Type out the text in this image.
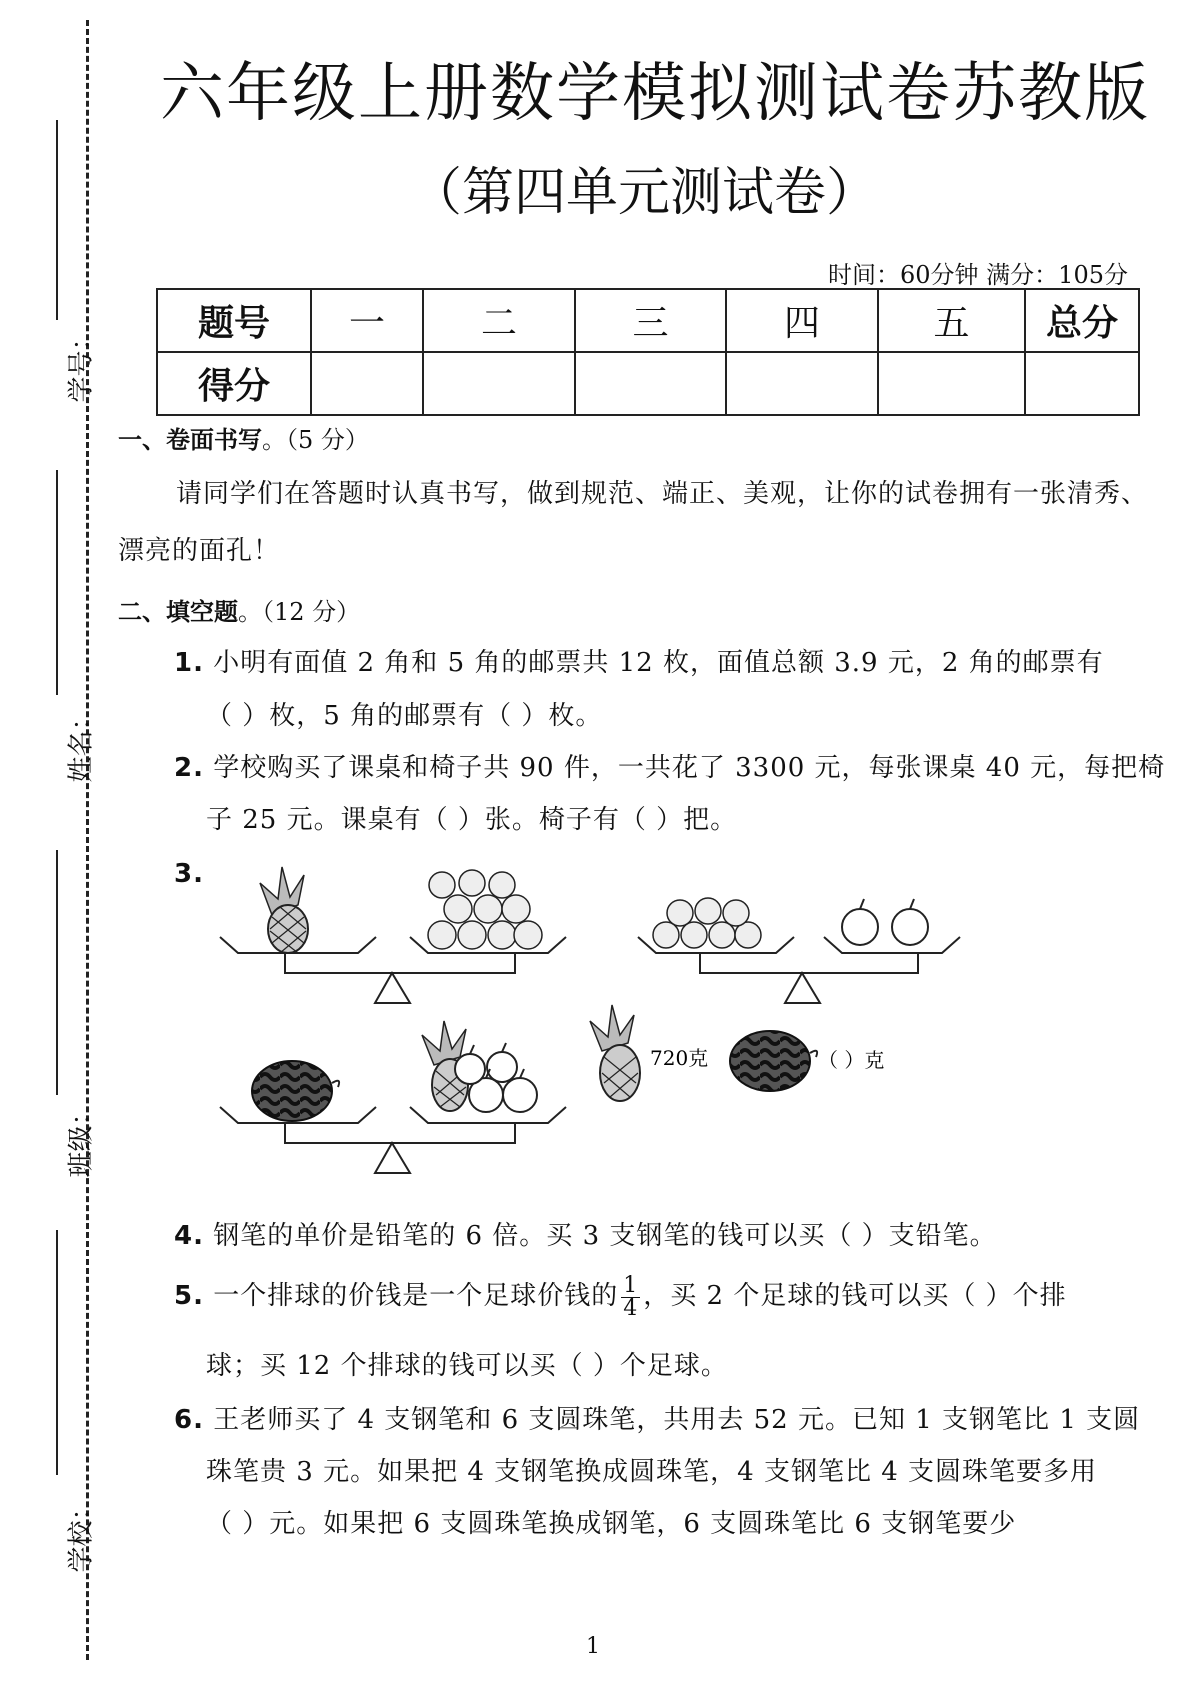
学号：
姓名：
班级：
学校：
六年级上册数学模拟测试卷苏教版
（第四单元测试卷）
时间：60分钟 满分：105分
题号	一	二	三	四	五	总分
得分						
一、卷面书写。（5 分）
请同学们在答题时认真书写，做到规范、端正、美观，让你的试卷拥有一张清秀、
漂亮的面孔！
二、填空题。（12 分）
1. 小明有面值 2 角和 5 角的邮票共 12 枚，面值总额 3.9 元，2 角的邮票有
（ ）枚，5 角的邮票有（ ）枚。
2. 学校购买了课桌和椅子共 90 件，一共花了 3300 元，每张课桌 40 元，每把椅
子 25 元。课桌有（ ）张。椅子有（ ）把。
3.
720克	（ ）克
4. 钢笔的单价是铅笔的 6 倍。买 3 支钢笔的钱可以买（ ）支铅笔。
5. 一个排球的价钱是一个足球价钱的 $\frac{1}{4}$ ，买 2 个足球的钱可以买（ ）个排
球；买 12 个排球的钱可以买（ ）个足球。
6. 王老师买了 4 支钢笔和 6 支圆珠笔，共用去 52 元。已知 1 支钢笔比 1 支圆
珠笔贵 3 元。如果把 4 支钢笔换成圆珠笔，4 支钢笔比 4 支圆珠笔要多用
（ ）元。如果把 6 支圆珠笔换成钢笔，6 支圆珠笔比 6 支钢笔要少
1
